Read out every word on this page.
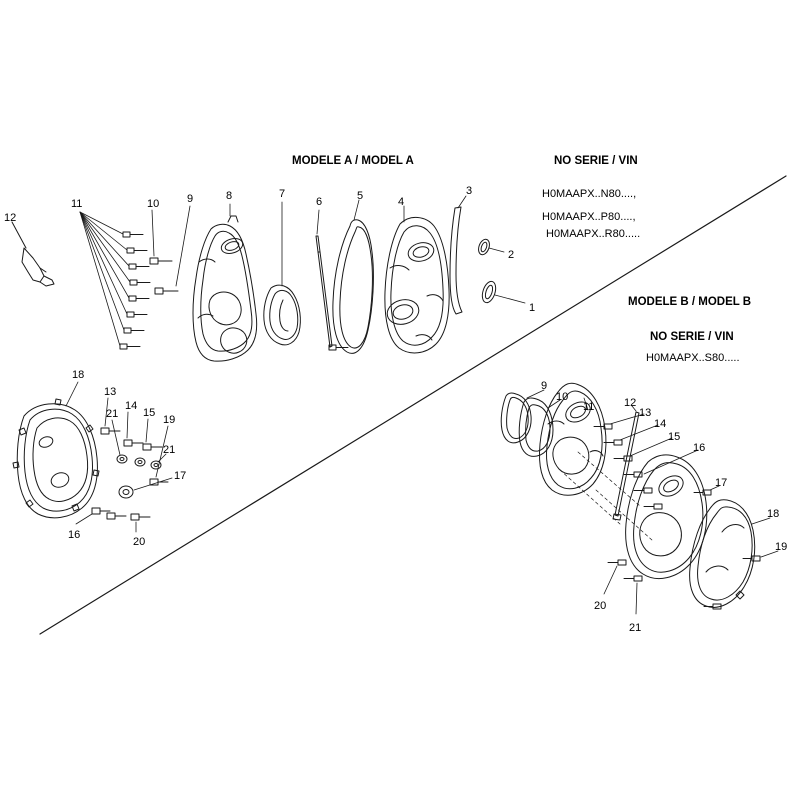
MODELE A / MODEL A	NO SERIE / VIN
H0MAAPX..N80....,
H0MAAPX..P80....,
H0MAAPX..R80.....
MODELE B / MODEL B
NO SERIE / VIN
H0MAAPX..S80.....
12
11	10	9	8	7
6	5	4
3
2
1
18
13
21
14
15
19
21
17
16
20
9
10
11	12
13
14
15
16
17
18
19
20
21
